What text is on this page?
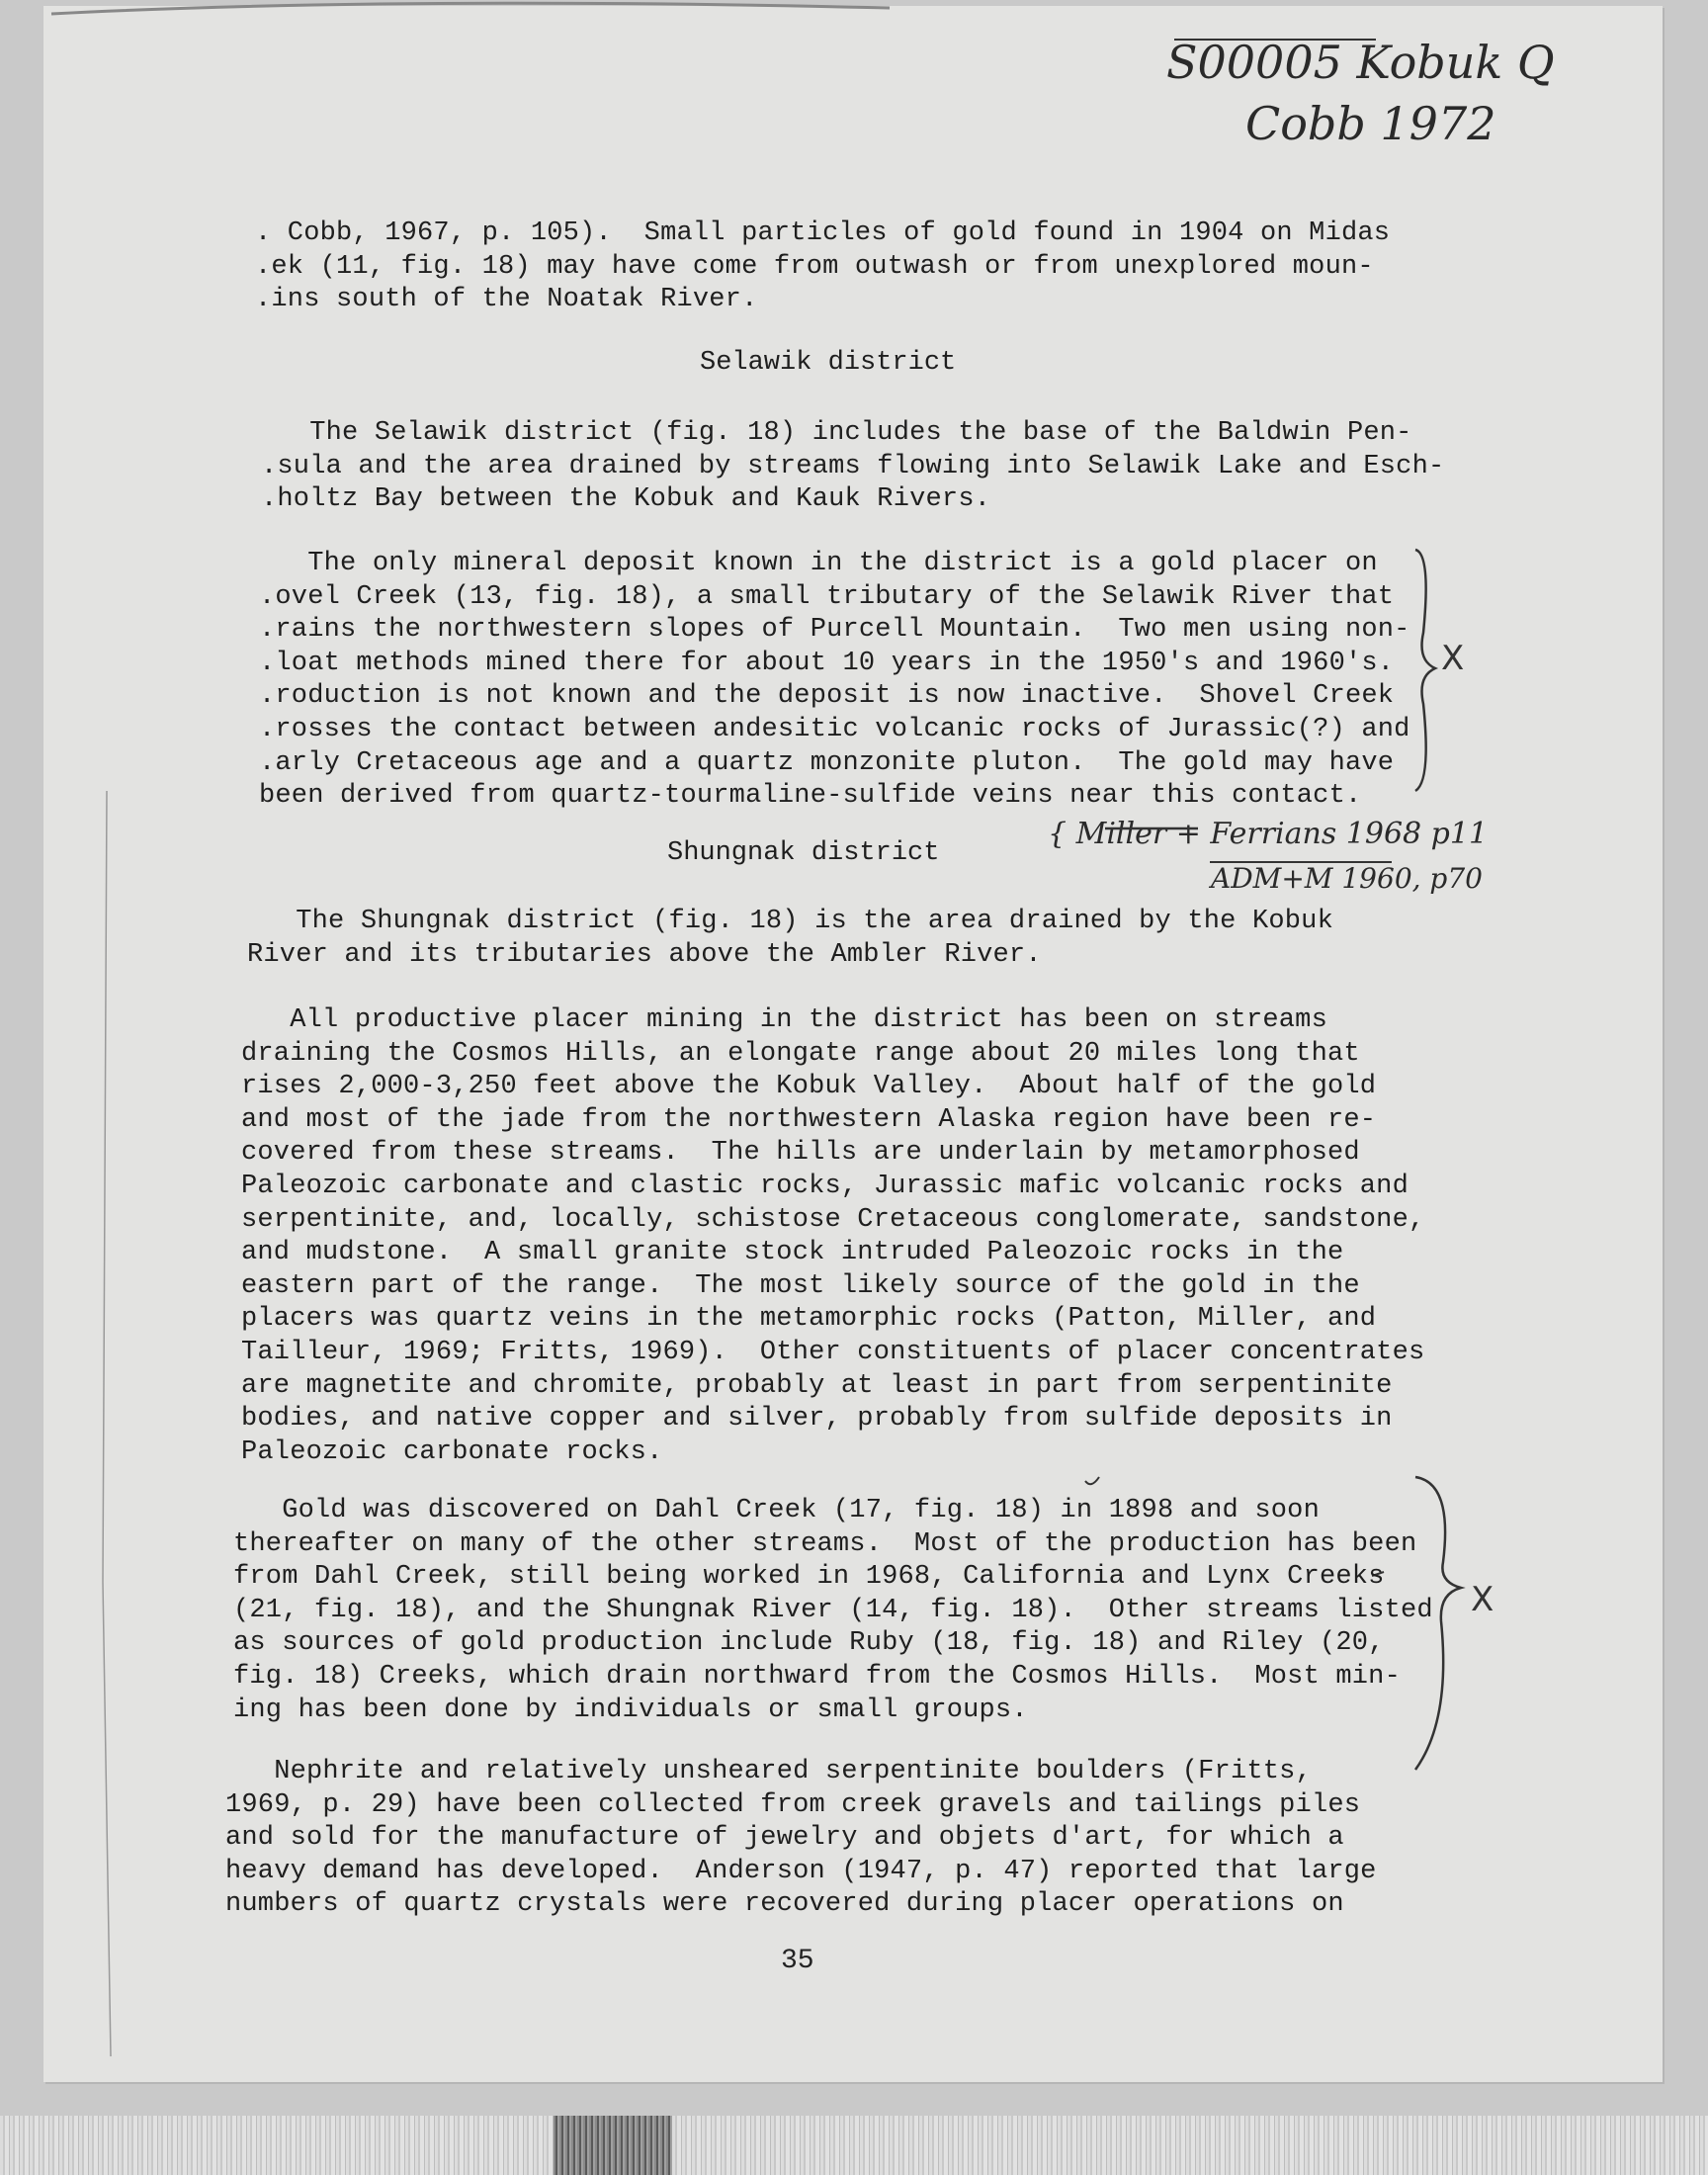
S00005 Kobuk Q
Cobb 1972
{ Miller + Ferrians 1968 p11
ADM+M 1960, p70
X
X
. Cobb, 1967, p. 105).  Small particles of gold found in 1904 on Midas
.ek (11, fig. 18) may have come from outwash or from unexplored moun-
.ins south of the Noatak River.
Selawik district
The Selawik district (fig. 18) includes the base of the Baldwin Pen-
.sula and the area drained by streams flowing into Selawik Lake and Esch-
.holtz Bay between the Kobuk and Kauk Rivers.
The only mineral deposit known in the district is a gold placer on
.ovel Creek (13, fig. 18), a small tributary of the Selawik River that
.rains the northwestern slopes of Purcell Mountain.  Two men using non-
.loat methods mined there for about 10 years in the 1950's and 1960's.
.roduction is not known and the deposit is now inactive.  Shovel Creek
.rosses the contact between andesitic volcanic rocks of Jurassic(?) and
.arly Cretaceous age and a quartz monzonite pluton.  The gold may have
been derived from quartz-tourmaline-sulfide veins near this contact.
Shungnak district
The Shungnak district (fig. 18) is the area drained by the Kobuk
River and its tributaries above the Ambler River.
All productive placer mining in the district has been on streams
draining the Cosmos Hills, an elongate range about 20 miles long that
rises 2,000-3,250 feet above the Kobuk Valley.  About half of the gold
and most of the jade from the northwestern Alaska region have been re-
covered from these streams.  The hills are underlain by metamorphosed
Paleozoic carbonate and clastic rocks, Jurassic mafic volcanic rocks and
serpentinite, and, locally, schistose Cretaceous conglomerate, sandstone,
and mudstone.  A small granite stock intruded Paleozoic rocks in the
eastern part of the range.  The most likely source of the gold in the
placers was quartz veins in the metamorphic rocks (Patton, Miller, and
Tailleur, 1969; Fritts, 1969).  Other constituents of placer concentrates
are magnetite and chromite, probably at least in part from serpentinite
bodies, and native copper and silver, probably from sulfide deposits in
Paleozoic carbonate rocks.
Gold was discovered on Dahl Creek (17, fig. 18) in 1898 and soon
thereafter on many of the other streams.  Most of the production has been
from Dahl Creek, still being worked in 1968, California and Lynx Creeks
(21, fig. 18), and the Shungnak River (14, fig. 18).  Other streams listed
as sources of gold production include Ruby (18, fig. 18) and Riley (20,
fig. 18) Creeks, which drain northward from the Cosmos Hills.  Most min-
ing has been done by individuals or small groups.
Nephrite and relatively unsheared serpentinite boulders (Fritts,
1969, p. 29) have been collected from creek gravels and tailings piles
and sold for the manufacture of jewelry and objets d'art, for which a
heavy demand has developed.  Anderson (1947, p. 47) reported that large
numbers of quartz crystals were recovered during placer operations on
35
